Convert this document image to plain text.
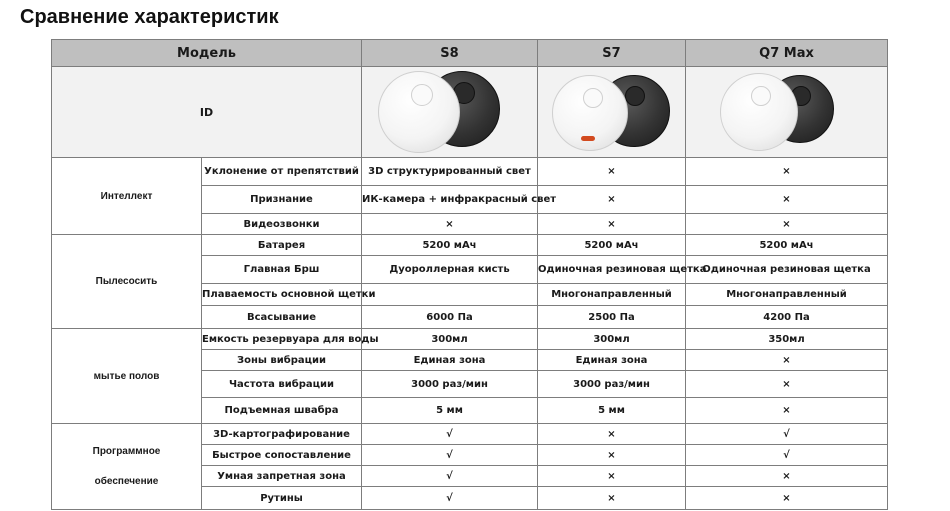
Сравнение характеристик
Модель		S8	S7	Q7 Max
ID		

Интеллект	Уклонение от препятствий	3D структурированный свет	×	×
	Признание	ИК-камера + инфракрасный свет	×	×
	Видеозвонки	×	×	×
Пылесосить	Батарея	5200 мАч	5200 мАч	5200 мАч
	Главная Брш	Дуороллерная кисть	Одиночная резиновая щетка	Одиночная резиновая щетка
	Плаваемость основной щетки		Многонаправленный	Многонаправленный
	Всасывание	6000 Па	2500 Па	4200 Па
мытье полов	Емкость резервуара для воды	300мл	300мл	350мл
	Зоны вибрации	Единая зона	Единая зона	×
	Частота вибрации	3000 раз/мин	3000 раз/мин	×
	Подъемная швабра	5 мм	5 мм	×

Программное
обеспечение	3D-картографирование	√	×	√
	Быстрое сопоставление	√	×	√
	Умная запретная зона	√	×	×
	Рутины	√	×	×
